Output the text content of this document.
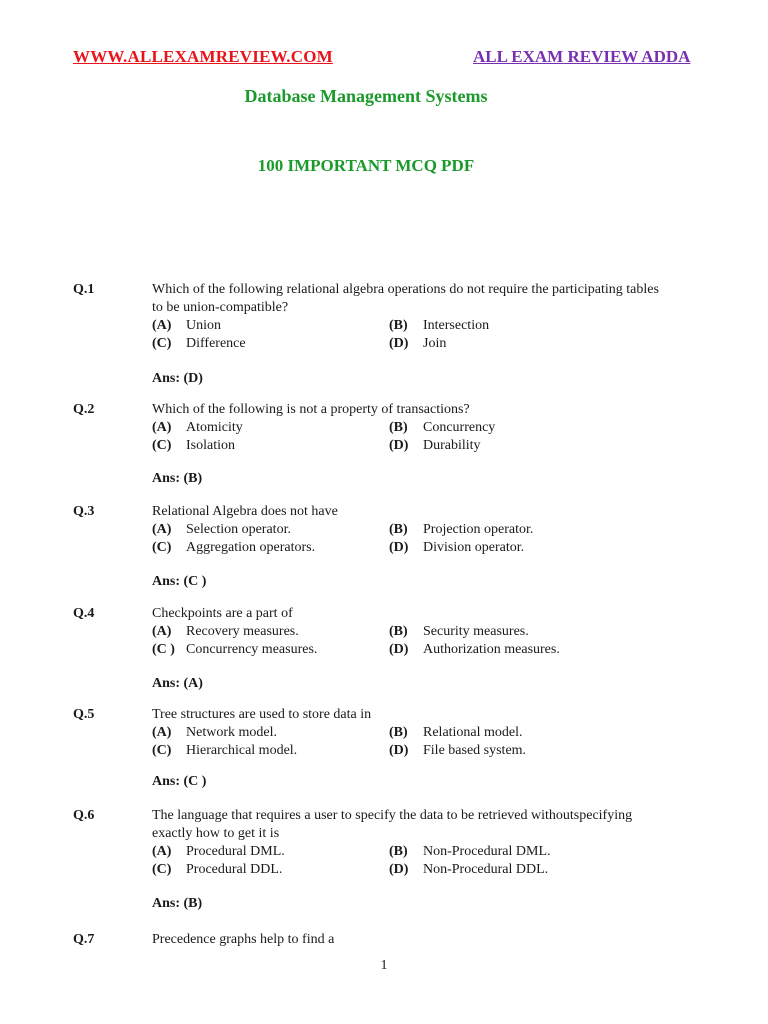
WWW.ALLEXAMREVIEW.COM	ALL EXAM REVIEW ADDA
Database Management Systems
100 IMPORTANT MCQ PDF
Q.1	Which of the following relational algebra operations do not require the participating tables to be union-compatible?
(A) Union	(B) Intersection
(C) Difference	(D) Join
Ans: (D)
Q.2	Which of the following is not a property of transactions?
(A) Atomicity	(B) Concurrency
(C) Isolation	(D) Durability
Ans: (B)
Q.3	Relational Algebra does not have
(A) Selection operator.	(B) Projection operator.
(C) Aggregation operators.	(D) Division operator.
Ans: (C )
Q.4	Checkpoints are a part of
(A) Recovery measures.	(B) Security measures.
(C ) Concurrency measures.	(D) Authorization measures.
Ans: (A)
Q.5	Tree structures are used to store data in
(A) Network model.	(B) Relational model.
(C) Hierarchical model.	(D) File based system.
Ans: (C )
Q.6	The language that requires a user to specify the data to be retrieved withoutspecifying exactly how to get it is
(A) Procedural DML.	(B) Non-Procedural DML.
(C) Procedural DDL.	(D) Non-Procedural DDL.
Ans: (B)
Q.7	Precedence graphs help to find a
1
